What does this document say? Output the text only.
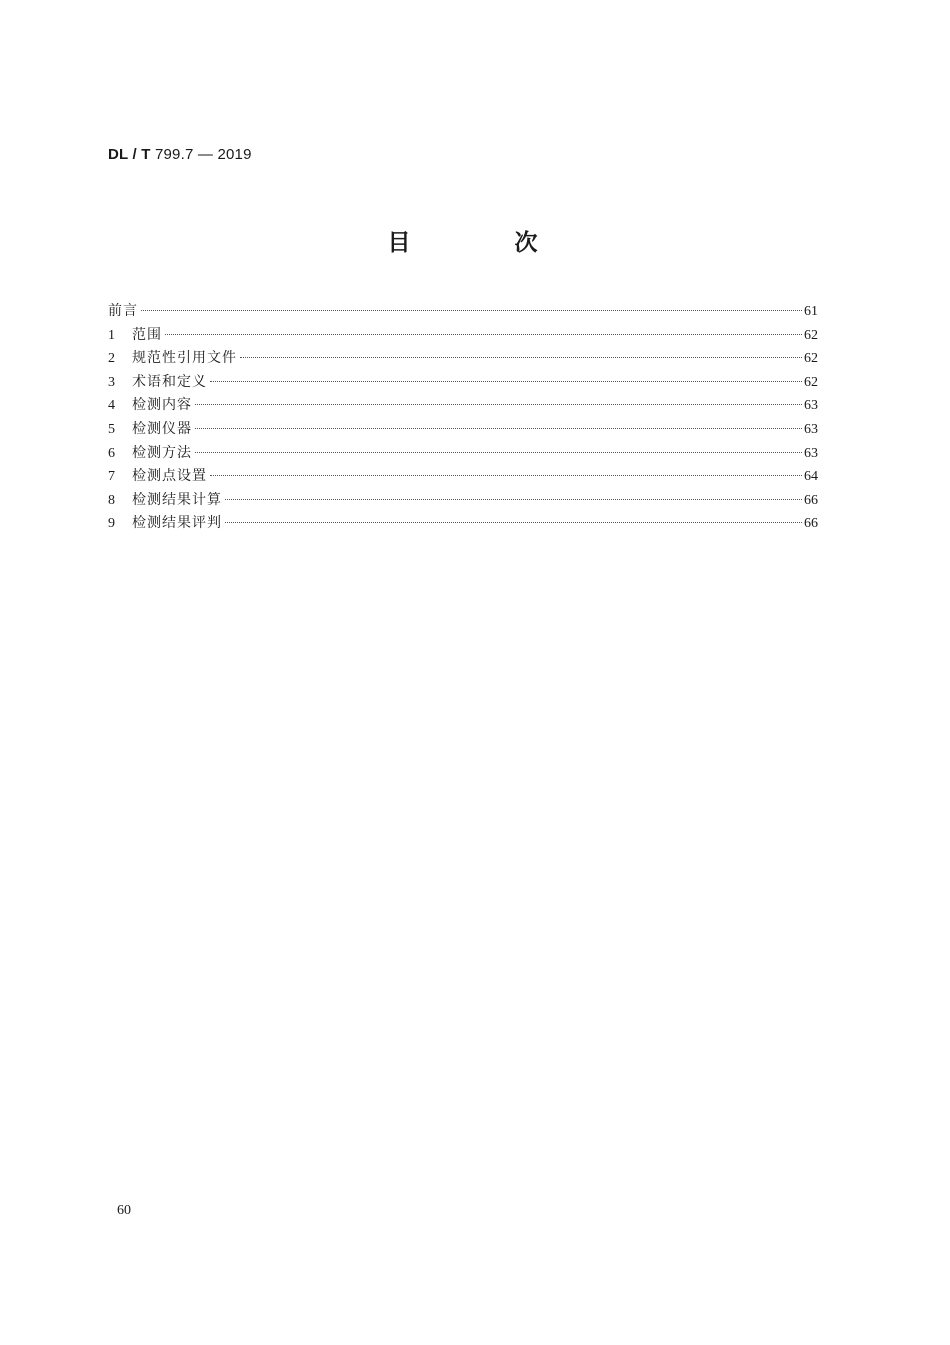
DL / T 799.7 — 2019
目 次
前言	61
1	范围	62
2	规范性引用文件	62
3	术语和定义	62
4	检测内容	63
5	检测仪器	63
6	检测方法	63
7	检测点设置	64
8	检测结果计算	66
9	检测结果评判	66
60
